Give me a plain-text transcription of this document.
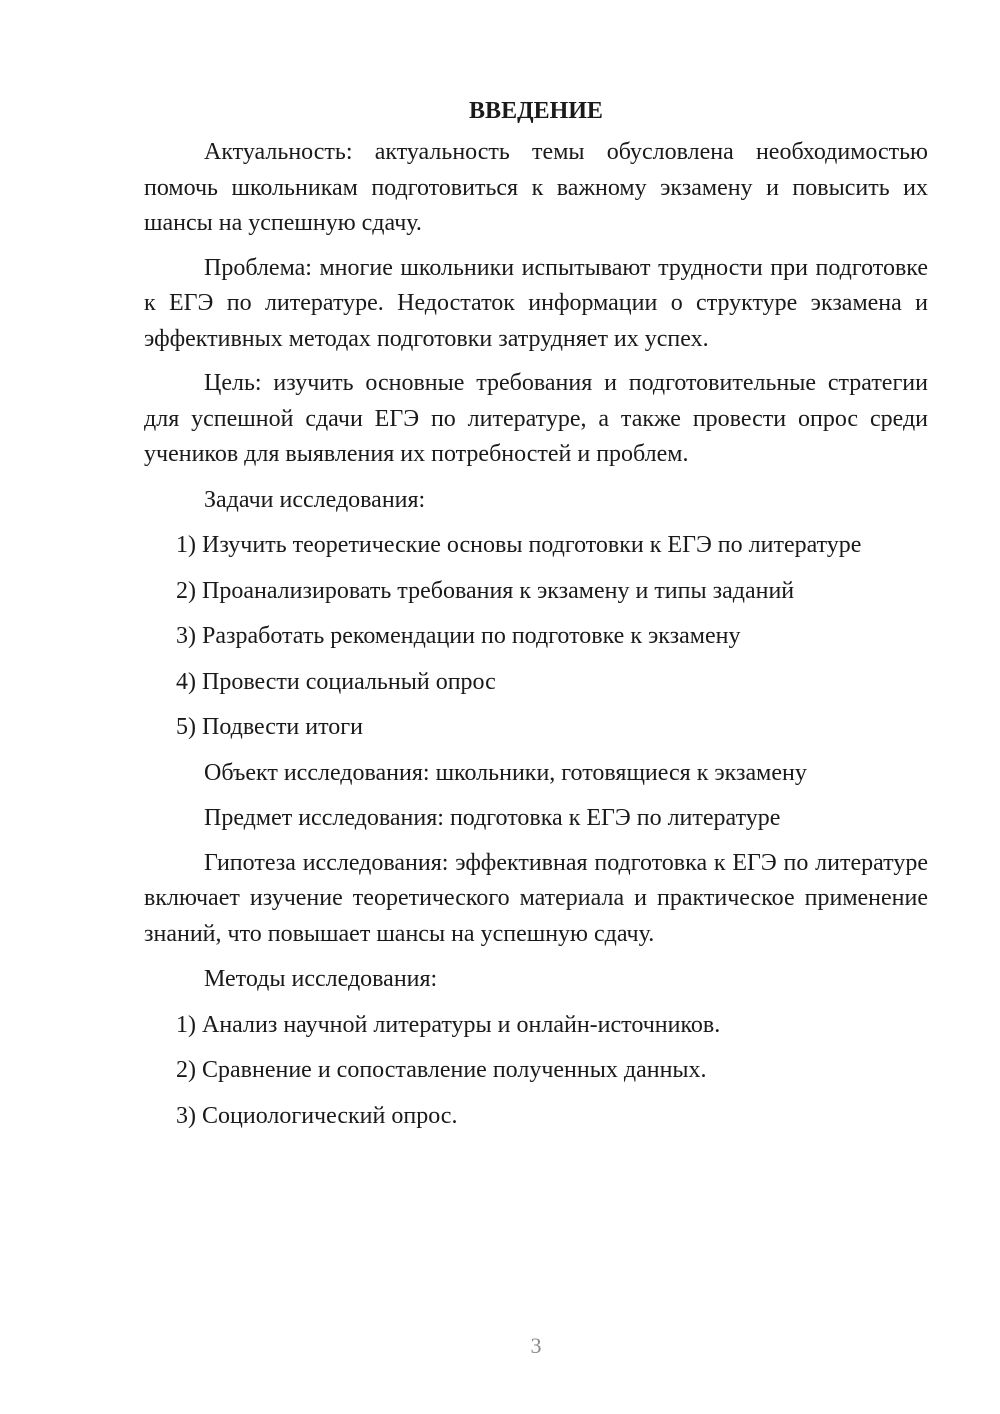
ВВЕДЕНИЕ

Актуальность: актуальность темы обусловлена необходимостью помочь школьникам подготовиться к важному экзамену и повысить их шансы на успешную сдачу.

Проблема: многие школьники испытывают трудности при подготовке к ЕГЭ по литературе. Недостаток информации о структуре экзамена и эффективных методах подготовки затрудняет их успех.

Цель: изучить основные требования и подготовительные стратегии для успешной сдачи ЕГЭ по литературе, а также провести опрос среди учеников для выявления их потребностей и проблем.

Задачи исследования:

1) Изучить теоретические основы подготовки к ЕГЭ по литературе

2) Проанализировать требования к экзамену и типы заданий

3) Разработать рекомендации по подготовке к экзамену

4) Провести социальный опрос

5) Подвести итоги

Объект исследования: школьники, готовящиеся к экзамену

Предмет исследования: подготовка к ЕГЭ по литературе

Гипотеза исследования: эффективная подготовка к ЕГЭ по литературе включает изучение теоретического материала и практическое применение знаний, что повышает шансы на успешную сдачу.

Методы исследования:

1) Анализ научной литературы и онлайн-источников.

2) Сравнение и сопоставление полученных данных.

3) Социологический опрос.

3
